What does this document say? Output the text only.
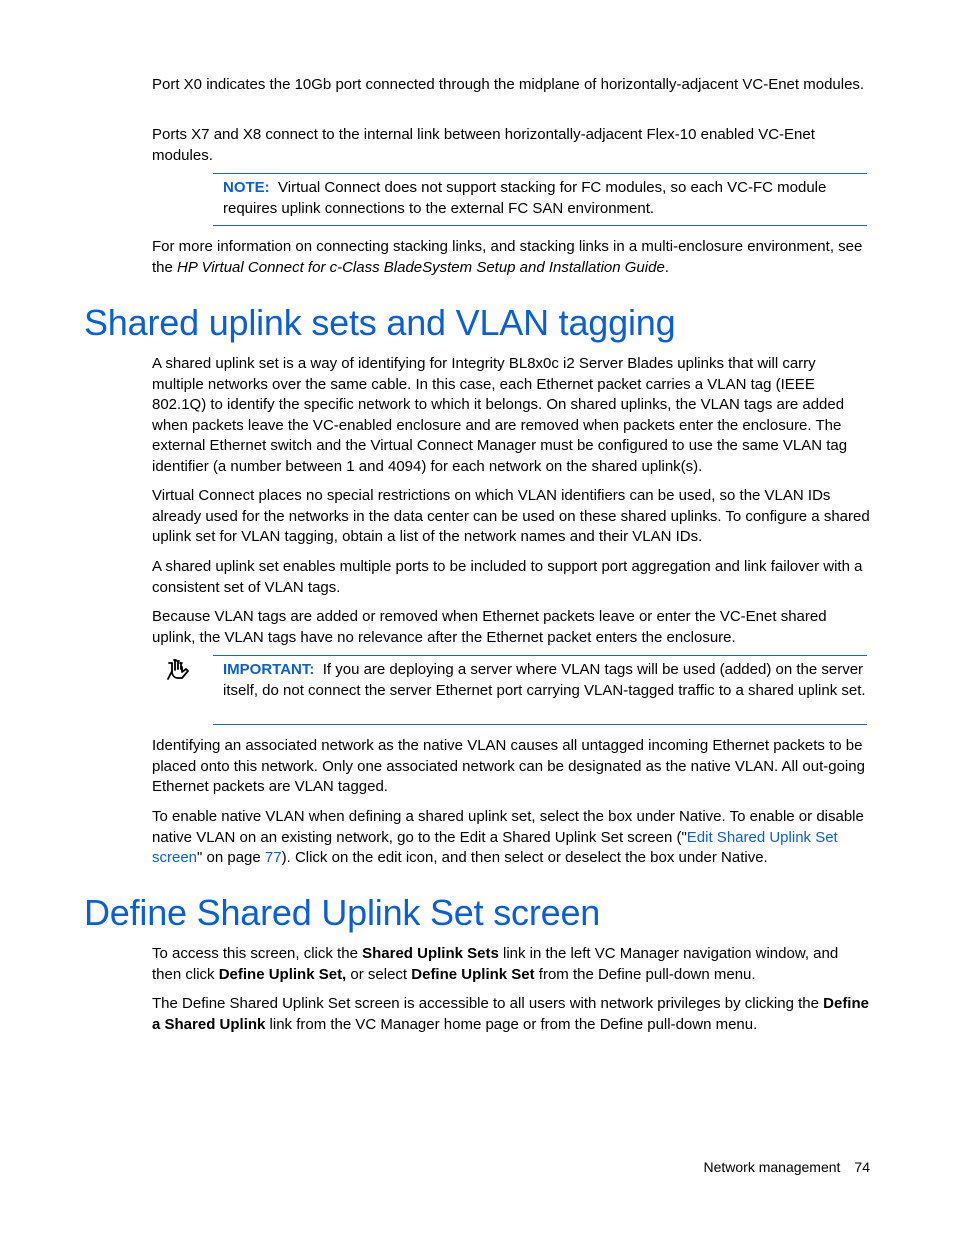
Port X0 indicates the 10Gb port connected through the midplane of horizontally-adjacent VC-Enet modules.

Ports X7 and X8 connect to the internal link between horizontally-adjacent Flex-10 enabled VC-Enet modules.

NOTE: Virtual Connect does not support stacking for FC modules, so each VC-FC module requires uplink connections to the external FC SAN environment.

For more information on connecting stacking links, and stacking links in a multi-enclosure environment, see the HP Virtual Connect for c-Class BladeSystem Setup and Installation Guide.

Shared uplink sets and VLAN tagging

A shared uplink set is a way of identifying for Integrity BL8x0c i2 Server Blades uplinks that will carry multiple networks over the same cable. In this case, each Ethernet packet carries a VLAN tag (IEEE 802.1Q) to identify the specific network to which it belongs. On shared uplinks, the VLAN tags are added when packets leave the VC-enabled enclosure and are removed when packets enter the enclosure. The external Ethernet switch and the Virtual Connect Manager must be configured to use the same VLAN tag identifier (a number between 1 and 4094) for each network on the shared uplink(s).

Virtual Connect places no special restrictions on which VLAN identifiers can be used, so the VLAN IDs already used for the networks in the data center can be used on these shared uplinks. To configure a shared uplink set for VLAN tagging, obtain a list of the network names and their VLAN IDs.

A shared uplink set enables multiple ports to be included to support port aggregation and link failover with a consistent set of VLAN tags.

Because VLAN tags are added or removed when Ethernet packets leave or enter the VC-Enet shared uplink, the VLAN tags have no relevance after the Ethernet packet enters the enclosure.

IMPORTANT: If you are deploying a server where VLAN tags will be used (added) on the server itself, do not connect the server Ethernet port carrying VLAN-tagged traffic to a shared uplink set.

Identifying an associated network as the native VLAN causes all untagged incoming Ethernet packets to be placed onto this network. Only one associated network can be designated as the native VLAN. All out-going Ethernet packets are VLAN tagged.

To enable native VLAN when defining a shared uplink set, select the box under Native. To enable or disable native VLAN on an existing network, go to the Edit a Shared Uplink Set screen ("Edit Shared Uplink Set screen" on page 77). Click on the edit icon, and then select or deselect the box under Native.

Define Shared Uplink Set screen

To access this screen, click the Shared Uplink Sets link in the left VC Manager navigation window, and then click Define Uplink Set, or select Define Uplink Set from the Define pull-down menu.

The Define Shared Uplink Set screen is accessible to all users with network privileges by clicking the Define a Shared Uplink link from the VC Manager home page or from the Define pull-down menu.

Network management 74
